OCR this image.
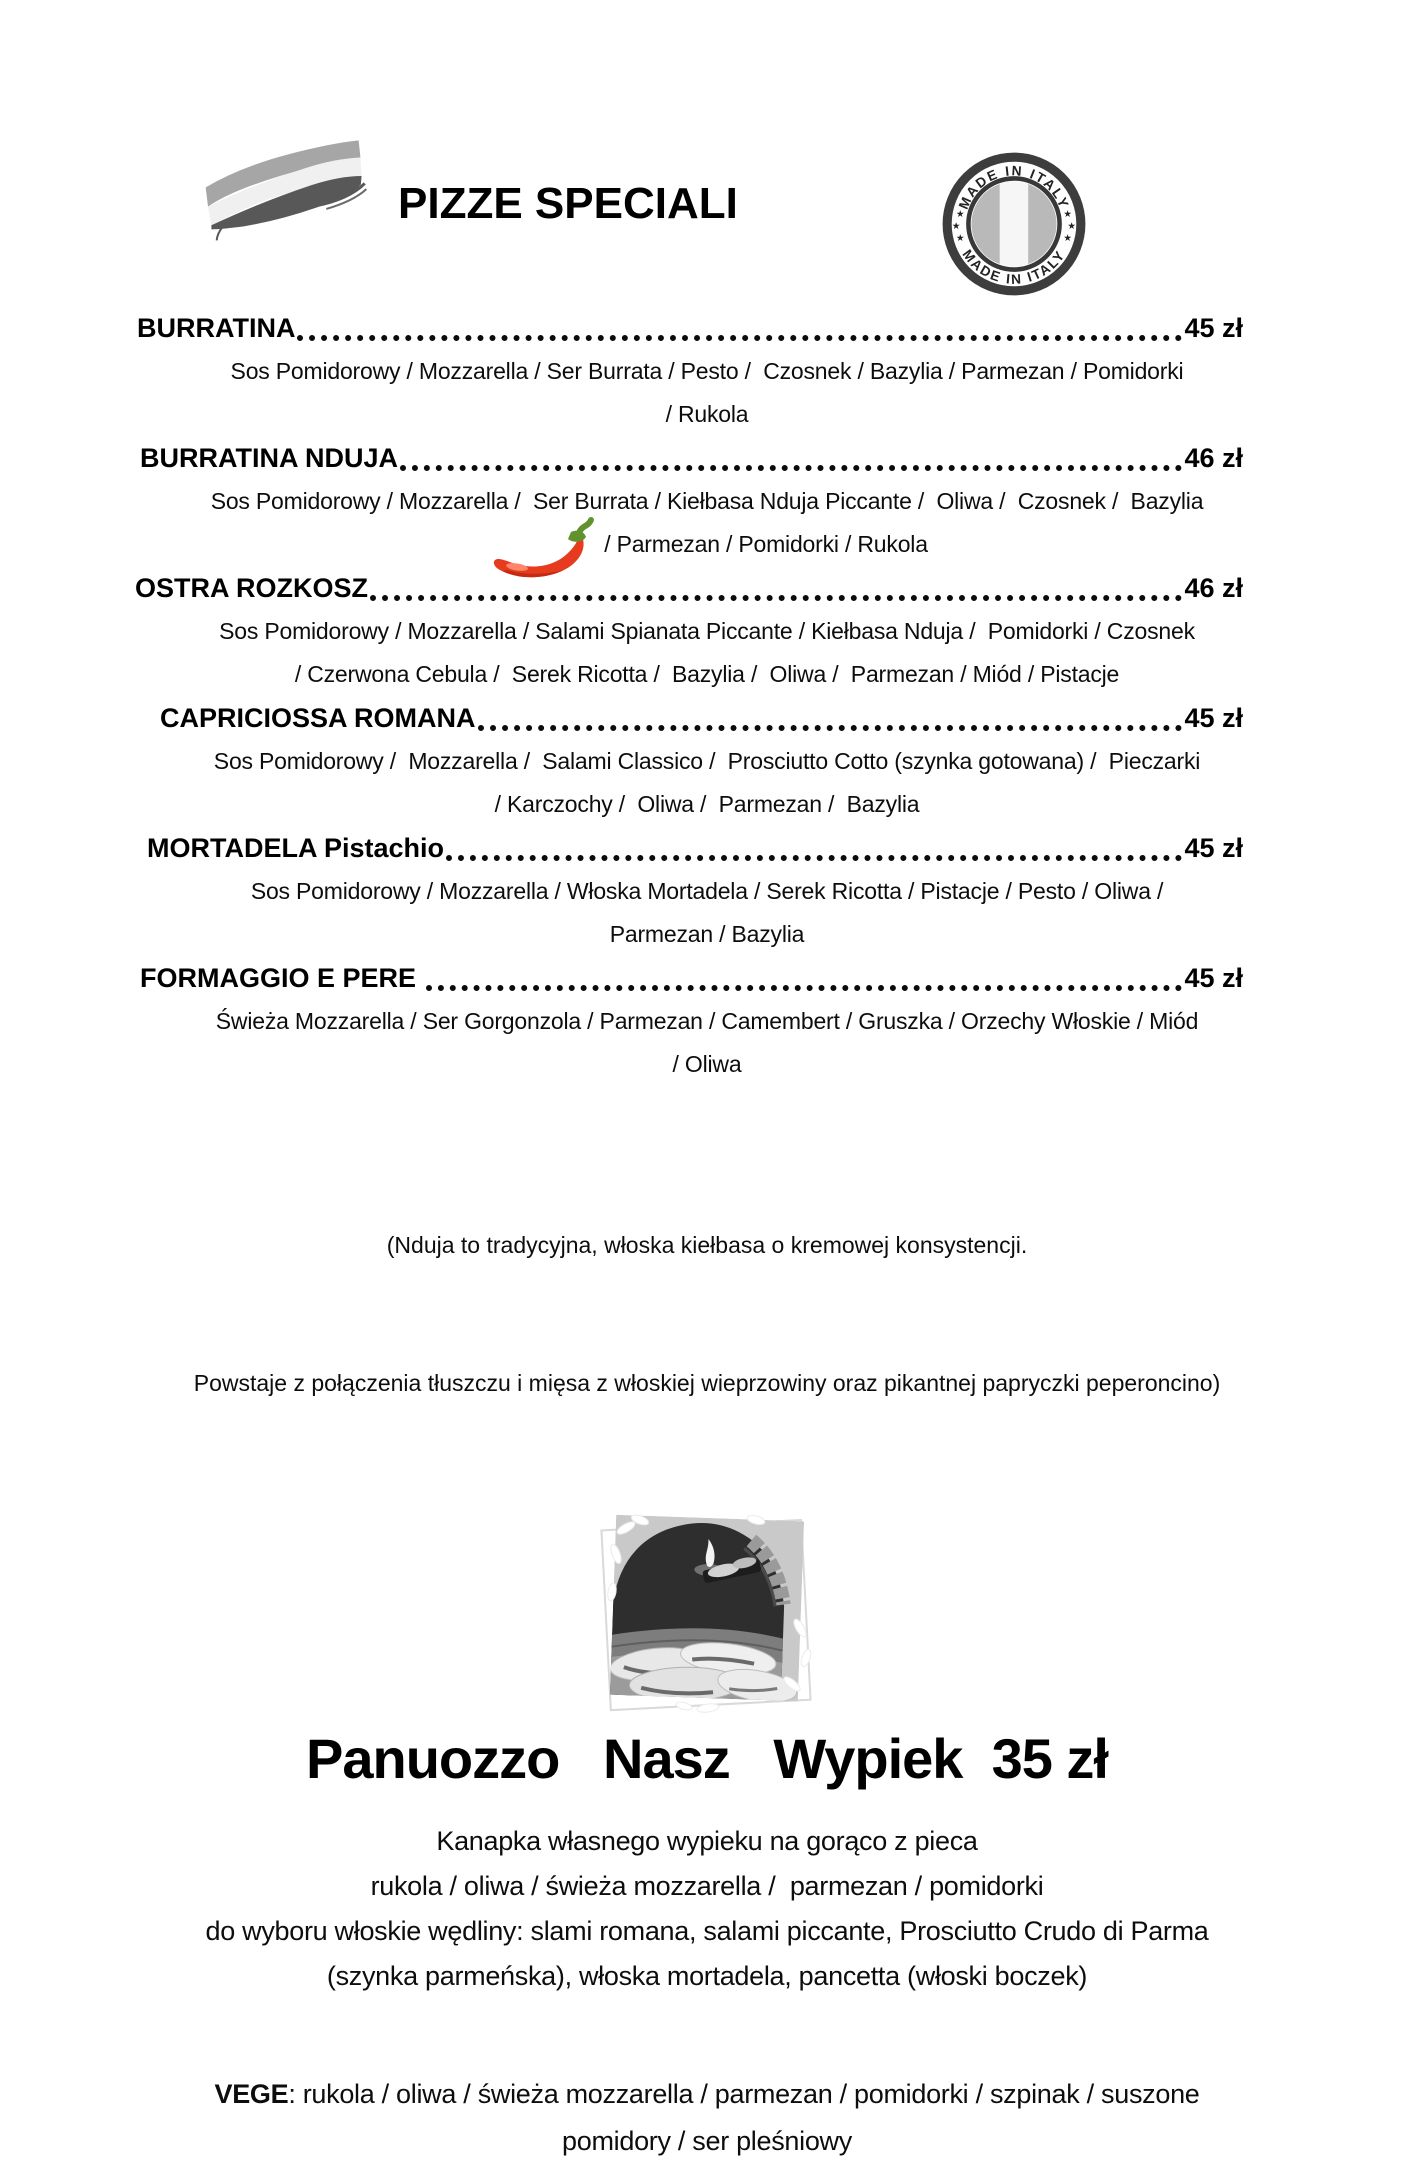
PIZZE SPECIALI	MADE IN ITALY
MADE IN ITALY
★
★
★
★
★
★
BURRATINA	45 zł
Sos Pomidorowy / Mozzarella / Ser Burrata / Pesto /  Czosnek / Bazylia / Parmezan / Pomidorki
/ Rukola
BURRATINA NDUJA	46 zł
Sos Pomidorowy / Mozzarella /  Ser Burrata / Kiełbasa Nduja Piccante /  Oliwa /  Czosnek /  Bazylia
/ Parmezan / Pomidorki / Rukola
OSTRA ROZKOSZ	46 zł
Sos Pomidorowy / Mozzarella / Salami Spianata Piccante / Kiełbasa Nduja /  Pomidorki / Czosnek
/ Czerwona Cebula /  Serek Ricotta /  Bazylia /  Oliwa /  Parmezan / Miód / Pistacje
CAPRICIOSSA ROMANA	45 zł
Sos Pomidorowy /  Mozzarella /  Salami Classico /  Prosciutto Cotto (szynka gotowana) /  Pieczarki
/ Karczochy /  Oliwa /  Parmezan /  Bazylia
MORTADELA Pistachio	45 zł
Sos Pomidorowy / Mozzarella / Włoska Mortadela / Serek Ricotta / Pistacje / Pesto / Oliwa /
Parmezan / Bazylia
FORMAGGIO E PERE	45 zł
Świeża Mozzarella / Ser Gorgonzola / Parmezan / Camembert / Gruszka / Orzechy Włoskie / Miód
/ Oliwa

(Nduja to tradycyjna, włoska kiełbasa o kremowej konsystencji.

Powstaje z połączenia tłuszczu i mięsa z włoskiej wieprzowiny oraz pikantnej papryczki peperoncino)

Panuozzo   Nasz   Wypiek  35 zł
Kanapka własnego wypieku na gorąco z pieca
rukola / oliwa / świeża mozzarella /  parmezan / pomidorki
do wyboru włoskie wędliny: slami romana, salami piccante, Prosciutto Crudo di Parma
(szynka parmeńska), włoska mortadela, pancetta (włoski boczek)
VEGE: rukola / oliwa / świeża mozzarella / parmezan / pomidorki / szpinak / suszone
pomidory / ser pleśniowy
